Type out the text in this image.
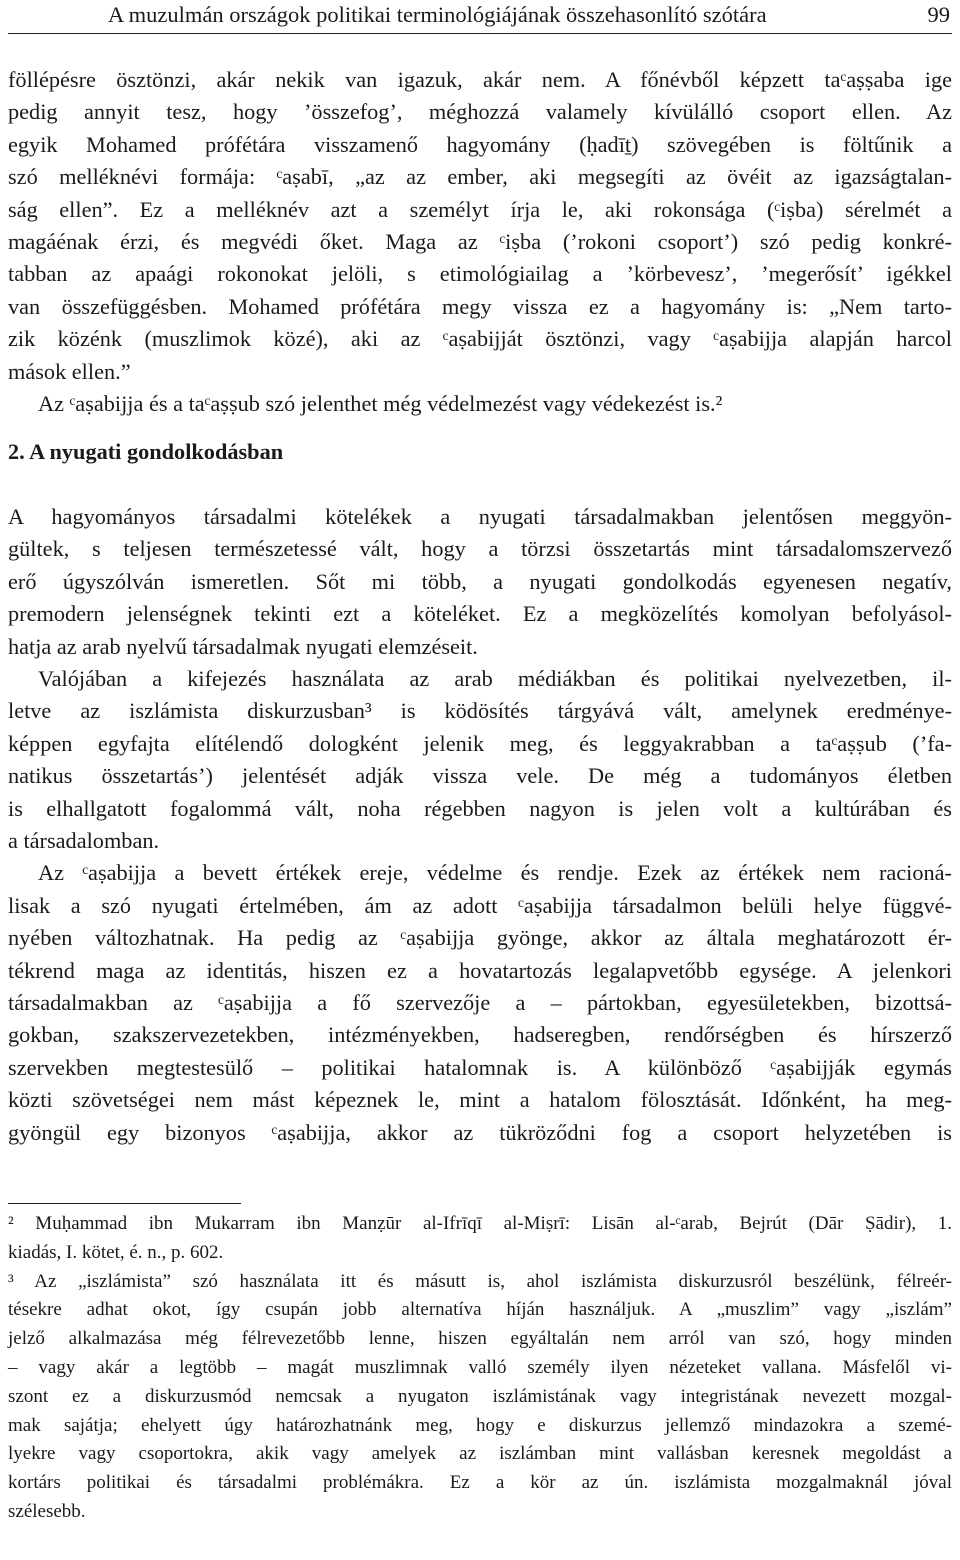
A muzulmán országok politikai terminológiájának összehasonlító szótára	99

föllépésre ösztönzi, akár nekik van igazuk, akár nem. A főnévből képzett taᶜaṣṣaba ige
pedig annyit tesz, hogy ’összefog’, méghozzá valamely kívülálló csoport ellen. Az
egyik Mohamed prófétára visszamenő hagyomány (ḥadīṯ) szövegében is föltűnik a
szó melléknévi formája: ᶜaṣabī, „az az ember, aki megsegíti az övéit az igazságtalan-
ság ellen”. Ez a melléknév azt a személyt írja le, aki rokonsága (ᶜiṣba) sérelmét a
magáénak érzi, és megvédi őket. Maga az ᶜiṣba (’rokoni csoport’) szó pedig konkré-
tabban az apaági rokonokat jelöli, s etimológiailag a ’körbevesz’, ’megerősít’ igékkel
van összefüggésben. Mohamed prófétára megy vissza ez a hagyomány is: „Nem tarto-
zik közénk (muszlimok közé), aki az ᶜaṣabijját ösztönzi, vagy ᶜaṣabijja alapján harcol
mások ellen.”

Az ᶜaṣabijja és a taᶜaṣṣub szó jelenthet még védelmezést vagy védekezést is.²

2. A nyugati gondolkodásban

A hagyományos társadalmi kötelékek a nyugati társadalmakban jelentősen meggyön-
gültek, s teljesen természetessé vált, hogy a törzsi összetartás mint társadalomszervező
erő úgyszólván ismeretlen. Sőt mi több, a nyugati gondolkodás egyenesen negatív,
premodern jelenségnek tekinti ezt a köteléket. Ez a megközelítés komolyan befolyásol-
hatja az arab nyelvű társadalmak nyugati elemzéseit.

Valójában a kifejezés használata az arab médiákban és politikai nyelvezetben, il-
letve az iszlámista diskurzusban³ is ködösítés tárgyává vált, amelynek eredménye-
képpen egyfajta elítélendő dologként jelenik meg, és leggyakrabban a taᶜaṣṣub (’fa-
natikus összetartás’) jelentését adják vissza vele. De még a tudományos életben
is elhallgatott fogalommá vált, noha régebben nagyon is jelen volt a kultúrában és
a társadalomban.

Az ᶜaṣabijja a bevett értékek ereje, védelme és rendje. Ezek az értékek nem racioná-
lisak a szó nyugati értelmében, ám az adott ᶜaṣabijja társadalmon belüli helye függvé-
nyében változhatnak. Ha pedig az ᶜaṣabijja gyönge, akkor az általa meghatározott ér-
tékrend maga az identitás, hiszen ez a hovatartozás legalapvetőbb egysége. A jelenkori
társadalmakban az ᶜaṣabijja a fő szervezője a – pártokban, egyesületekben, bizottsá-
gokban, szakszervezetekben, intézményekben, hadseregben, rendőrségben és hírszerző
szervekben megtestesülő – politikai hatalomnak is. A különböző ᶜaṣabijják egymás
közti szövetségei nem mást képeznek le, mint a hatalom fölosztását. Időnként, ha meg-
gyöngül egy bizonyos ᶜaṣabijja, akkor az tükröződni fog a csoport helyzetében is

² Muḥammad ibn Mukarram ibn Manẓūr al-Ifrīqī al-Miṣrī: Lisān al-ᶜarab, Bejrút (Dār Ṣādir), 1.
kiadás, I. kötet, é. n., p. 602.

³ Az „iszlámista” szó használata itt és másutt is, ahol iszlámista diskurzusról beszélünk, félreér-
tésekre adhat okot, így csupán jobb alternatíva híján használjuk. A „muszlim” vagy „iszlám”
jelző alkalmazása még félrevezetőbb lenne, hiszen egyáltalán nem arról van szó, hogy minden
– vagy akár a legtöbb – magát muszlimnak valló személy ilyen nézeteket vallana. Másfelől vi-
szont ez a diskurzusmód nemcsak a nyugaton iszlámistának vagy integristának nevezett mozgal-
mak sajátja; ehelyett úgy határozhatnánk meg, hogy e diskurzus jellemző mindazokra a szemé-
lyekre vagy csoportokra, akik vagy amelyek az iszlámban mint vallásban keresnek megoldást a
kortárs politikai és társadalmi problémákra. Ez a kör az ún. iszlámista mozgalmaknál jóval
szélesebb.
